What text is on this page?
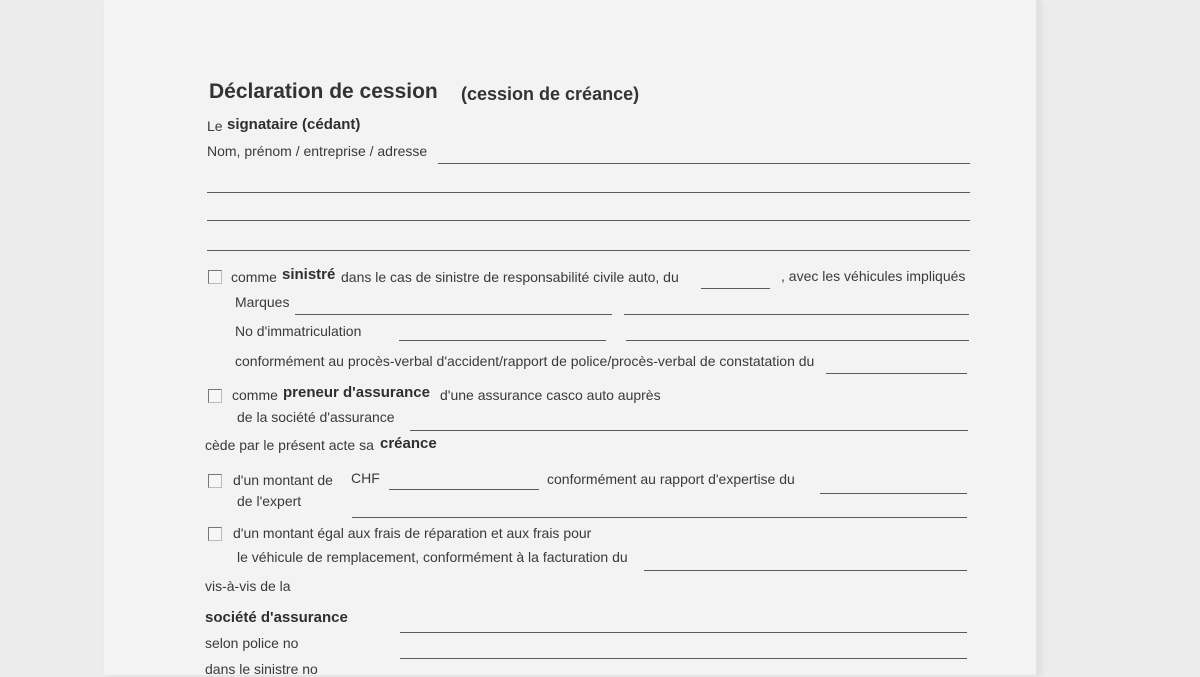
Déclaration de cession (cession de créance)
Le signataire (cédant)
Nom, prénom / entreprise / adresse
comme sinistré dans le cas de sinistre de responsabilité civile auto, du	, avec les véhicules impliqués
Marques
No d'immatriculation
conformément au procès-verbal d'accident/rapport de police/procès-verbal de constatation du
comme preneur d'assurance d'une assurance casco auto auprès
de la société d'assurance
cède par le présent acte sa créance
d'un montant de CHF	conformément au rapport d'expertise du
de l'expert
d'un montant égal aux frais de réparation et aux frais pour
le véhicule de remplacement, conformément à la facturation du
vis-à-vis de la
société d'assurance
selon police no
dans le sinistre no
